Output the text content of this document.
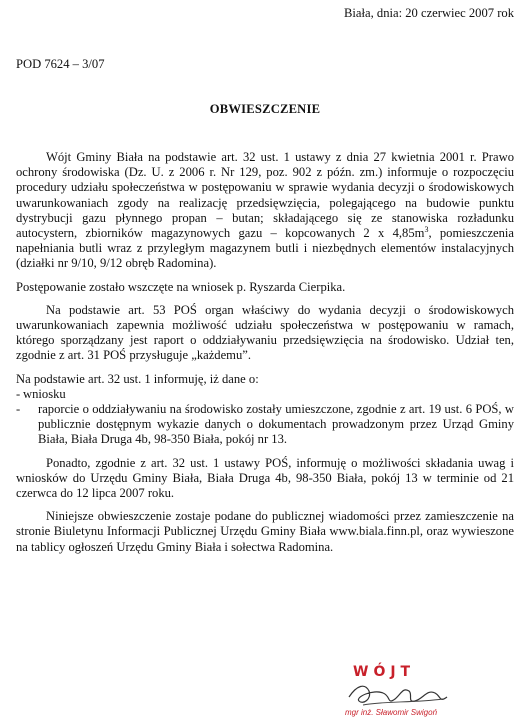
Biała, dnia: 20 czerwiec 2007 rok
POD 7624 – 3/07
OBWIESZCZENIE

Wójt Gminy Biała na podstawie art. 32 ust. 1 ustawy z dnia 27 kwietnia 2001 r. Prawo ochrony środowiska (Dz. U. z 2006 r. Nr 129, poz. 902 z późn. zm.) informuje o rozpoczęciu procedury udziału społeczeństwa w postępowaniu w sprawie wydania decyzji o środowiskowych uwarunkowaniach zgody na realizację przedsięwzięcia, polegającego na budowie punktu dystrybucji gazu płynnego propan – butan; składającego się ze stanowiska rozładunku autocystern, zbiorników magazynowych gazu – kopcowanych 2 x $4,85m^3$, pomieszczenia napełniania butli wraz z przyległym magazynem butli i niezbędnych elementów instalacyjnych (działki nr 9/10, 9/12 obręb Radomina).

Postępowanie zostało wszczęte na wniosek p. Ryszarda Cierpika.

Na podstawie art. 53 POŚ organ właściwy do wydania decyzji o środowiskowych uwarunkowaniach zapewnia możliwość udziału społeczeństwa w postępowaniu w ramach, którego sporządzany jest raport o oddziaływaniu przedsięwzięcia na środowisko. Udział ten, zgodnie z art. 31 POŚ przysługuje „każdemu”.

Na podstawie art. 32 ust. 1 informuję, iż dane o:
- wniosku
- raporcie o oddziaływaniu na środowisko zostały umieszczone, zgodnie z art. 19 ust. 6 POŚ, w publicznie dostępnym wykazie danych o dokumentach prowadzonym przez Urząd Gminy Biała, Biała Druga 4b, 98-350 Biała, pokój nr 13.

Ponadto, zgodnie z art. 32 ust. 1 ustawy POŚ, informuję o możliwości składania uwag i wniosków do Urzędu Gminy Biała, Biała Druga 4b, 98-350 Biała, pokój 13 w terminie od 21 czerwca do 12 lipca 2007 roku.

Niniejsze obwieszczenie zostaje podane do publicznej wiadomości przez zamieszczenie na stronie Biuletynu Informacji Publicznej Urzędu Gminy Biała www.biala.finn.pl, oraz wywieszone na tablicy ogłoszeń Urzędu Gminy Biała i sołectwa Radomina.

WÓJT
mgr inż. Sławomir Swigoń
